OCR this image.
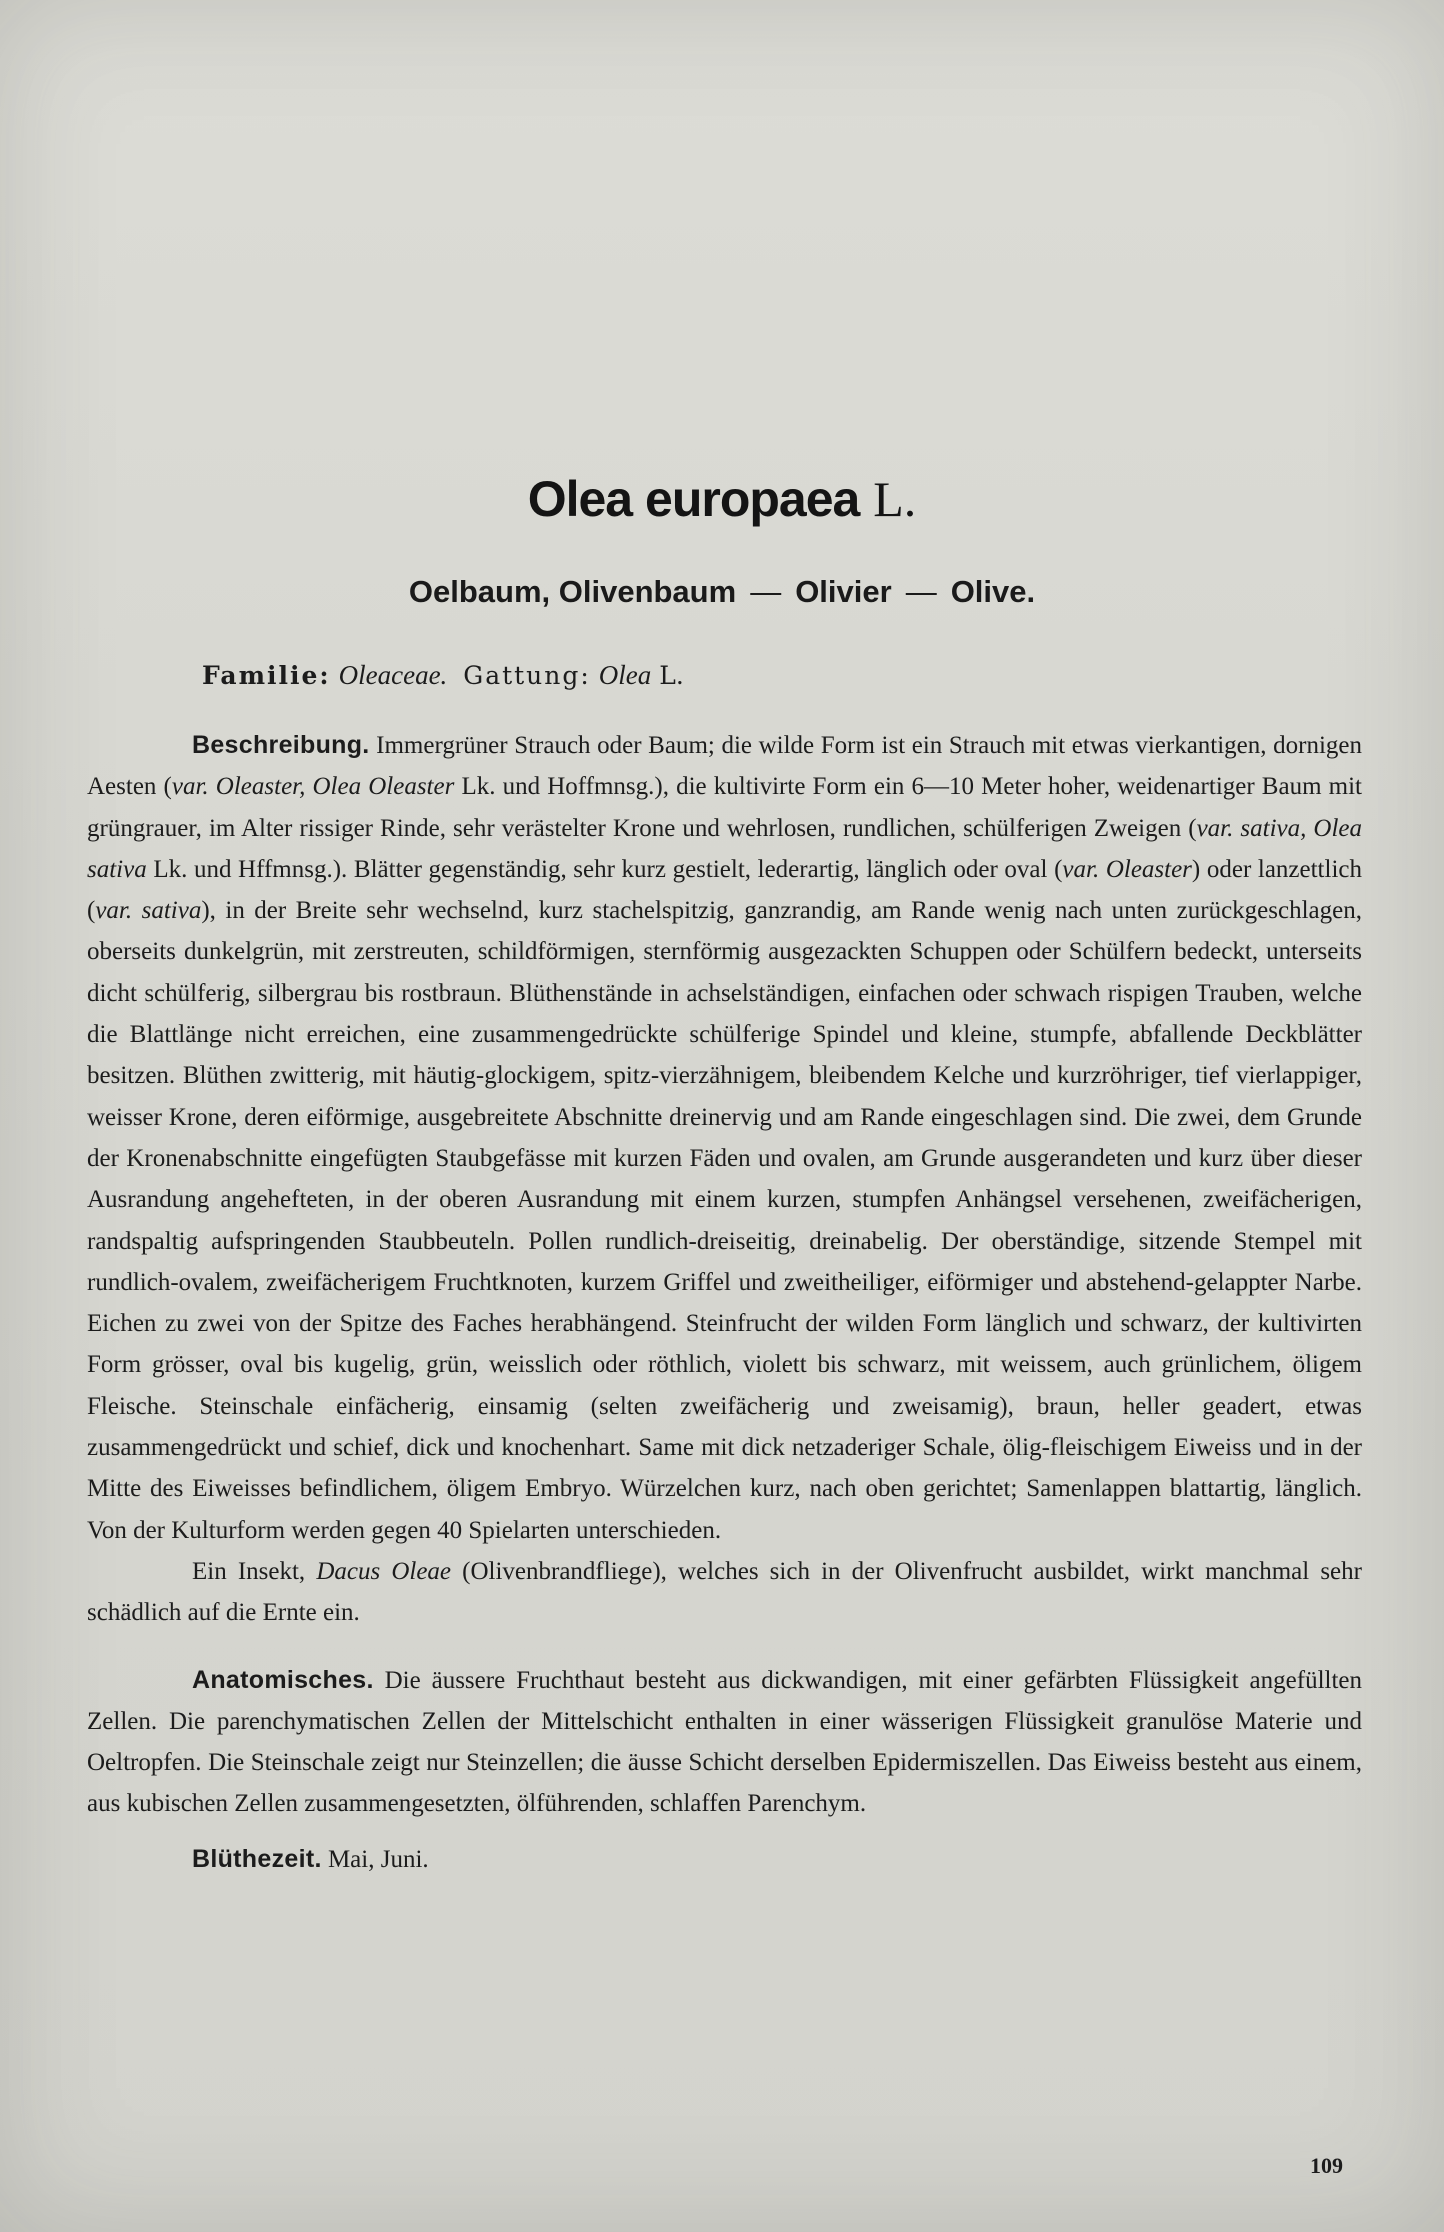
Olea europaea L.
Oelbaum, Olivenbaum — Olivier — Olive.
Familie: Oleaceae. Gattung: Olea L.

Beschreibung. Immergrüner Strauch oder Baum; die wilde Form ist ein Strauch mit etwas vierkantigen, dornigen Aesten (var. Oleaster, Olea Oleaster Lk. und Hoffmnsg.), die kultivirte Form ein 6—10 Meter hoher, weidenartiger Baum mit grüngrauer, im Alter rissiger Rinde, sehr verästelter Krone und wehrlosen, rundlichen, schülferigen Zweigen (var. sativa, Olea sativa Lk. und Hffmnsg.). Blätter gegenständig, sehr kurz gestielt, lederartig, länglich oder oval (var. Oleaster) oder lanzettlich (var. sativa), in der Breite sehr wechselnd, kurz stachelspitzig, ganzrandig, am Rande wenig nach unten zurückgeschlagen, oberseits dunkelgrün, mit zerstreuten, schildförmigen, sternförmig ausgezackten Schuppen oder Schülfern bedeckt, unterseits dicht schülferig, silbergrau bis rostbraun. Blüthenstände in achselständigen, einfachen oder schwach rispigen Trauben, welche die Blattlänge nicht erreichen, eine zusammengedrückte schülferige Spindel und kleine, stumpfe, abfallende Deckblätter besitzen. Blüthen zwitterig, mit häutig-glockigem, spitz-vierzähnigem, bleibendem Kelche und kurzröhriger, tief vierlappiger, weisser Krone, deren eiförmige, ausgebreitete Abschnitte dreinervig und am Rande eingeschlagen sind. Die zwei, dem Grunde der Kronenabschnitte eingefügten Staubgefässe mit kurzen Fäden und ovalen, am Grunde ausgerandeten und kurz über dieser Ausrandung angehefteten, in der oberen Ausrandung mit einem kurzen, stumpfen Anhängsel versehenen, zweifächerigen, randspaltig aufspringenden Staubbeuteln. Pollen rundlich-dreiseitig, dreinabelig. Der oberständige, sitzende Stempel mit rundlich-ovalem, zweifächerigem Fruchtknoten, kurzem Griffel und zweitheiliger, eiförmiger und abstehend-gelappter Narbe. Eichen zu zwei von der Spitze des Faches herabhängend. Steinfrucht der wilden Form länglich und schwarz, der kultivirten Form grösser, oval bis kugelig, grün, weisslich oder röthlich, violett bis schwarz, mit weissem, auch grünlichem, öligem Fleische. Steinschale einfächerig, einsamig (selten zweifächerig und zweisamig), braun, heller geadert, etwas zusammengedrückt und schief, dick und knochenhart. Same mit dick netzaderiger Schale, ölig-fleischigem Eiweiss und in der Mitte des Eiweisses befindlichem, öligem Embryo. Würzelchen kurz, nach oben gerichtet; Samenlappen blattartig, länglich. Von der Kulturform werden gegen 40 Spielarten unterschieden.

Ein Insekt, Dacus Oleae (Olivenbrandfliege), welches sich in der Olivenfrucht ausbildet, wirkt manchmal sehr schädlich auf die Ernte ein.

Anatomisches. Die äussere Fruchthaut besteht aus dickwandigen, mit einer gefärbten Flüssigkeit angefüllten Zellen. Die parenchymatischen Zellen der Mittelschicht enthalten in einer wässerigen Flüssigkeit granulöse Materie und Oeltropfen. Die Steinschale zeigt nur Steinzellen; die äusse Schicht derselben Epidermiszellen. Das Eiweiss besteht aus einem, aus kubischen Zellen zusammengesetzten, ölführenden, schlaffen Parenchym.

Blüthezeit. Mai, Juni.

109
